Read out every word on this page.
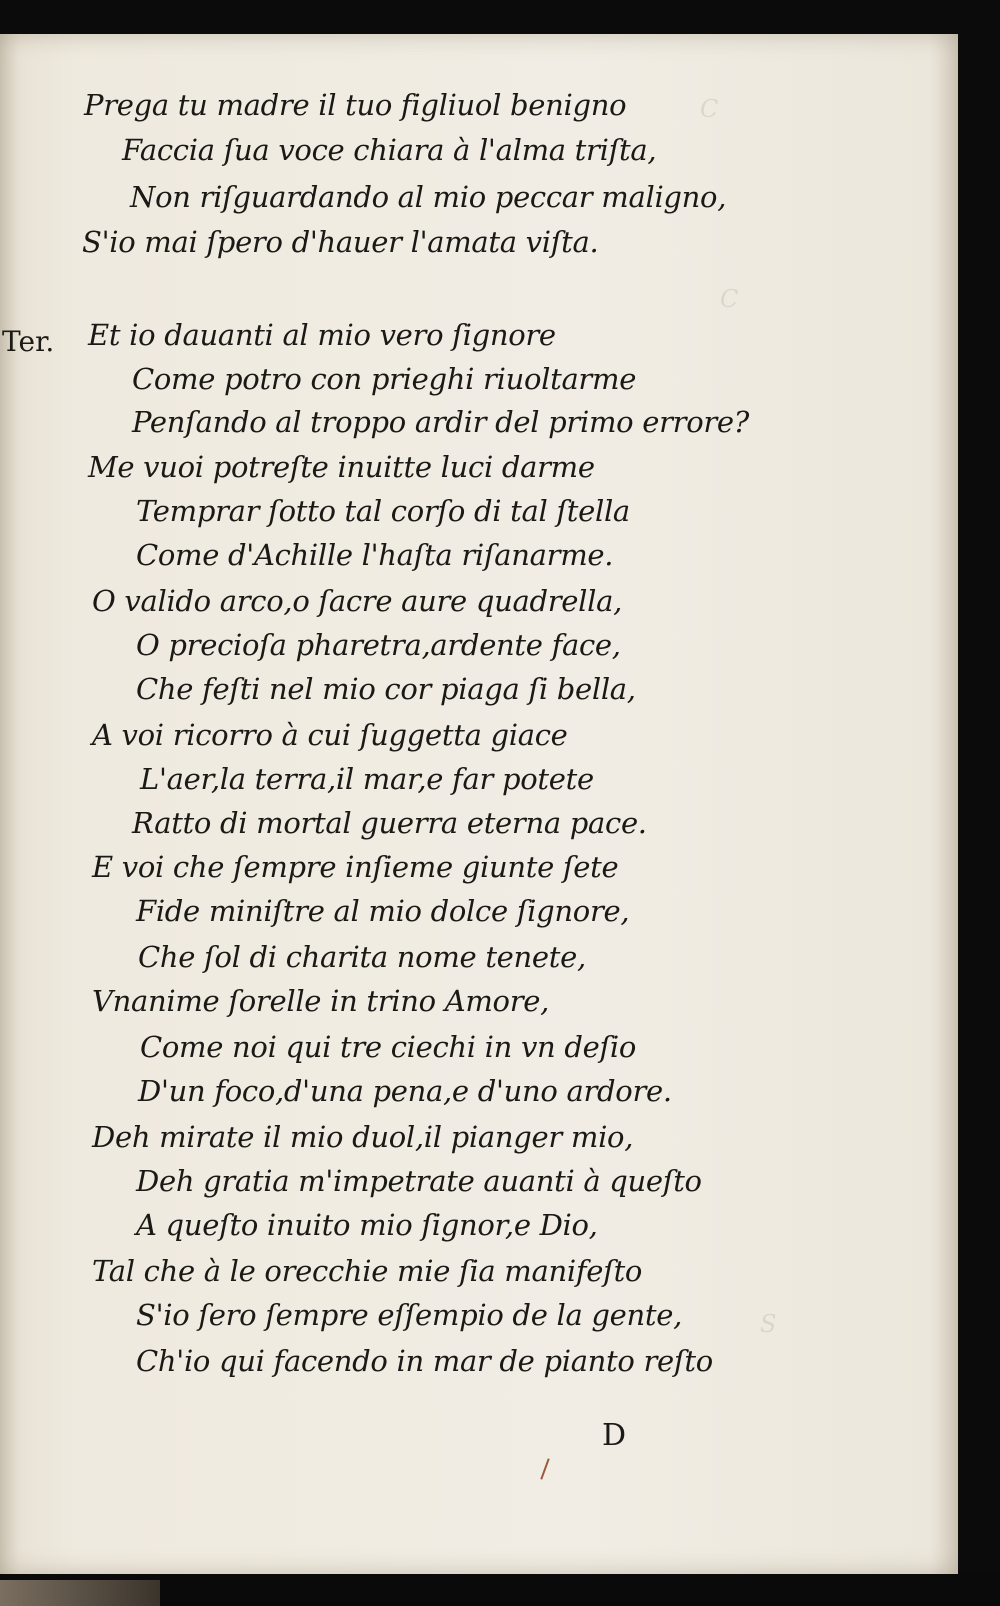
C
C
S
Ter.
Prega tu madre il tuo figliuol benigno
Faccia ſua voce chiara à l'alma triſta,
Non riſguardando al mio peccar maligno,
S'io mai ſpero d'hauer l'amata viſta.
Et io dauanti al mio vero ſignore
Come potro con prieghi riuoltarme
Penſando al troppo ardir del primo errore?
Me vuoi potreſte inuitte luci darme
Temprar ſotto tal corſo di tal ſtella
Come d'Achille l'haſta riſanarme.
O valido arco,o ſacre aure quadrella,
O precioſa pharetra,ardente face,
Che feſti nel mio cor piaga ſi bella,
A voi ricorro à cui ſuggetta giace
L'aer,la terra,il mar,e far potete
Ratto di mortal guerra eterna pace.
E voi che ſempre inſieme giunte ſete
Fide miniſtre al mio dolce ſignore,
Che ſol di charita nome tenete,
Vnanime ſorelle in trino Amore,
Come noi qui tre ciechi in vn deſio
D'un foco,d'una pena,e d'uno ardore.
Deh mirate il mio duol,il pianger mio,
Deh gratia m'impetrate auanti à queſto
A queſto inuito mio ſignor,e Dio,
Tal che à le orecchie mie ſia manifeſto
S'io ſero ſempre eſſempio de la gente,
Ch'io qui facendo in mar de pianto reſto
D
